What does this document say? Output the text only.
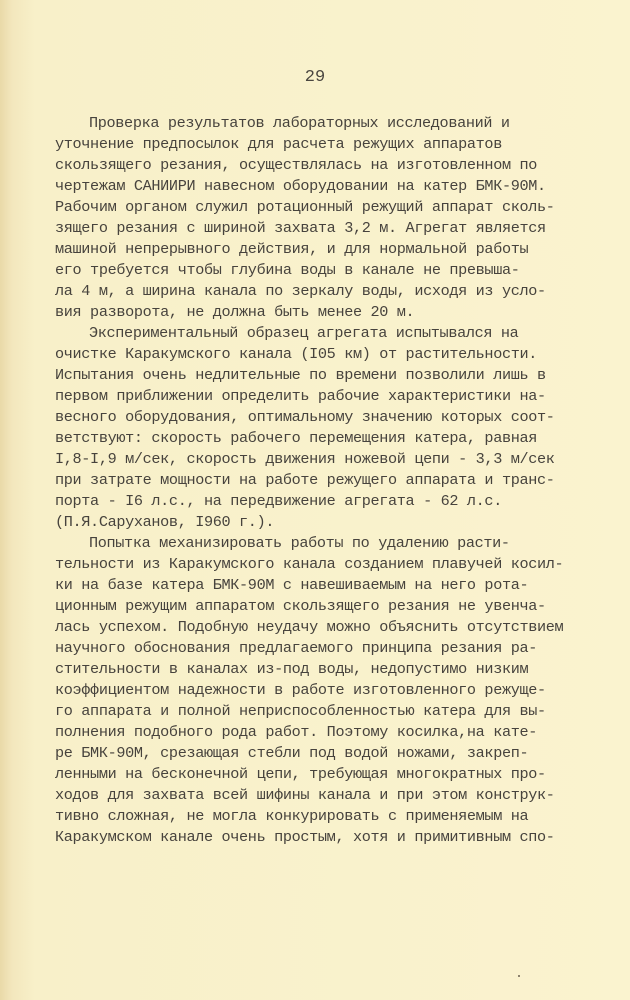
29
Проверка результатов лабораторных исследований и
уточнение предпосылок для расчета режущих аппаратов
скользящего резания, осуществлялась на изготовленном по
чертежам САНИИРИ навесном оборудовании на катер БМК-90М.
Рабочим органом служил ротационный режущий аппарат сколь-
зящего резания с шириной захвата 3,2 м. Агрегат является
машиной непрерывного действия, и для нормальной работы
его требуется чтобы глубина воды в канале не превыша-
ла 4 м, а ширина канала по зеркалу воды, исходя из усло-
вия разворота, не должна быть менее 20 м.
Экспериментальный образец агрегата испытывался на
очистке Каракумского канала (I05 км) от растительности.
Испытания очень недлительные по времени позволили лишь в
первом приближении определить рабочие характеристики на-
весного оборудования, оптимальному значению которых соот-
ветствуют: скорость рабочего перемещения катера, равная
I,8-I,9 м/сек, скорость движения ножевой цепи - 3,3 м/сек
при затрате мощности на работе режущего аппарата и транс-
порта - I6 л.с., на передвижение агрегата - 62 л.с.
(П.Я.Саруханов, I960 г.).
Попытка механизировать работы по удалению расти-
тельности из Каракумского канала созданием плавучей косил-
ки на базе катера БМК-90М с навешиваемым на него рота-
ционным режущим аппаратом скользящего резания не увенча-
лась успехом. Подобную неудачу можно объяснить отсутствием
научного обоснования предлагаемого принципа резания ра-
стительности в каналах из-под воды, недопустимо низким
коэффициентом надежности в работе изготовленного режуще-
го аппарата и полной неприспособленностью катера для вы-
полнения подобного рода работ. Поэтому косилка,на кате-
ре БМК-90М, срезающая стебли под водой ножами, закреп-
ленными на бесконечной цепи, требующая многократных про-
ходов для захвата всей шифины канала и при этом конструк-
тивно сложная, не могла конкурировать с применяемым на
Каракумском канале очень простым, хотя и примитивным спо-
